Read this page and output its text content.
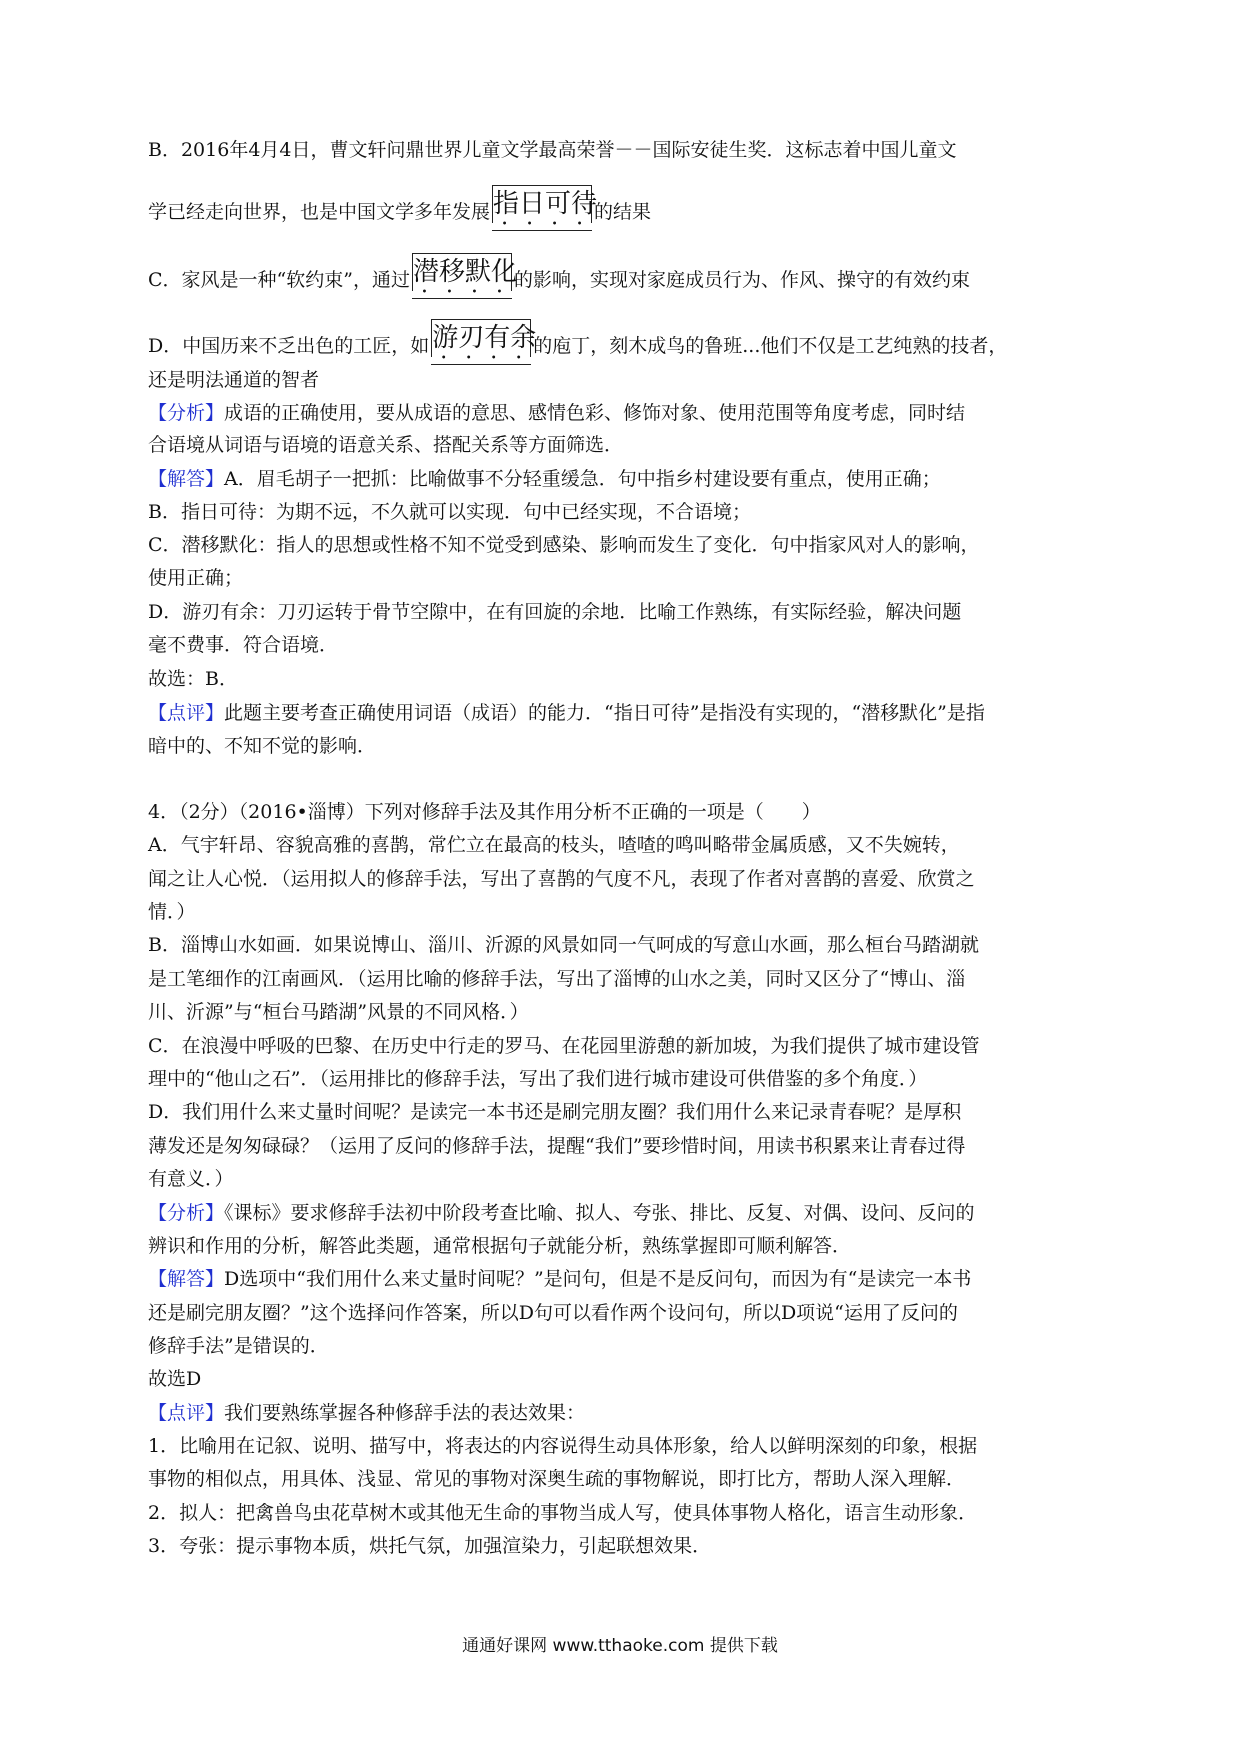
B．2016年4月4日，曹文轩问鼎世界儿童文学最高荣誉－－国际安徒生奖．这标志着中国儿童文
学已经走向世界，也是中国文学多年发展 指日可待
• • • •
的结果
C．家风是一种“软约束”，通过 潜移默化
• • • •
的影响，实现对家庭成员行为、作风、操守的有效约束
D．中国历来不乏出色的工匠，如 游刃有余
• • • •
的庖丁，刻木成鸟的鲁班...他们不仅是工艺纯熟的技者，
还是明法通道的智者
【分析】成语的正确使用，要从成语的意思、感情色彩、修饰对象、使用范围等角度考虑，同时结
合语境从词语与语境的语意关系、搭配关系等方面筛选．
【解答】A．眉毛胡子一把抓：比喻做事不分轻重缓急．句中指乡村建设要有重点，使用正确；
B．指日可待：为期不远，不久就可以实现．句中已经实现，不合语境；
C．潜移默化：指人的思想或性格不知不觉受到感染、影响而发生了变化．句中指家风对人的影响，
使用正确；
D．游刃有余：刀刃运转于骨节空隙中，在有回旋的余地．比喻工作熟练，有实际经验，解决问题
毫不费事．符合语境．
故选：B．
【点评】此题主要考查正确使用词语（成语）的能力．“指日可待”是指没有实现的，“潜移默化”是指
暗中的、不知不觉的影响．
4．（2分）（2016•淄博）下列对修辞手法及其作用分析不正确的一项是（　　）
A．气宇轩昂、容貌高雅的喜鹊，常伫立在最高的枝头，喳喳的鸣叫略带金属质感，又不失婉转，
闻之让人心悦．（运用拟人的修辞手法，写出了喜鹊的气度不凡，表现了作者对喜鹊的喜爱、欣赏之
情．）
B．淄博山水如画．如果说博山、淄川、沂源的风景如同一气呵成的写意山水画，那么桓台马踏湖就
是工笔细作的江南画风．（运用比喻的修辞手法，写出了淄博的山水之美，同时又区分了“博山、淄
川、沂源”与“桓台马踏湖”风景的不同风格．）
C．在浪漫中呼吸的巴黎、在历史中行走的罗马、在花园里游憩的新加坡，为我们提供了城市建设管
理中的“他山之石”．（运用排比的修辞手法，写出了我们进行城市建设可供借鉴的多个角度．）
D．我们用什么来丈量时间呢？是读完一本书还是刷完朋友圈？我们用什么来记录青春呢？是厚积
薄发还是匆匆碌碌？（运用了反问的修辞手法，提醒“我们”要珍惜时间，用读书积累来让青春过得
有意义．）
【分析】《课标》要求修辞手法初中阶段考查比喻、拟人、夸张、排比、反复、对偶、设问、反问的
辨识和作用的分析，解答此类题，通常根据句子就能分析，熟练掌握即可顺利解答．
【解答】D选项中“我们用什么来丈量时间呢？”是问句，但是不是反问句，而因为有“是读完一本书
还是刷完朋友圈？”这个选择问作答案，所以D句可以看作两个设问句，所以D项说“运用了反问的
修辞手法”是错误的．
故选D
【点评】我们要熟练掌握各种修辞手法的表达效果：
1．比喻用在记叙、说明、描写中，将表达的内容说得生动具体形象，给人以鲜明深刻的印象，根据
事物的相似点，用具体、浅显、常见的事物对深奥生疏的事物解说，即打比方，帮助人深入理解．
2．拟人：把禽兽鸟虫花草树木或其他无生命的事物当成人写，使具体事物人格化，语言生动形象．
3．夸张：提示事物本质，烘托气氛，加强渲染力，引起联想效果．
通通好课网 www.tthaoke.com 提供下载
